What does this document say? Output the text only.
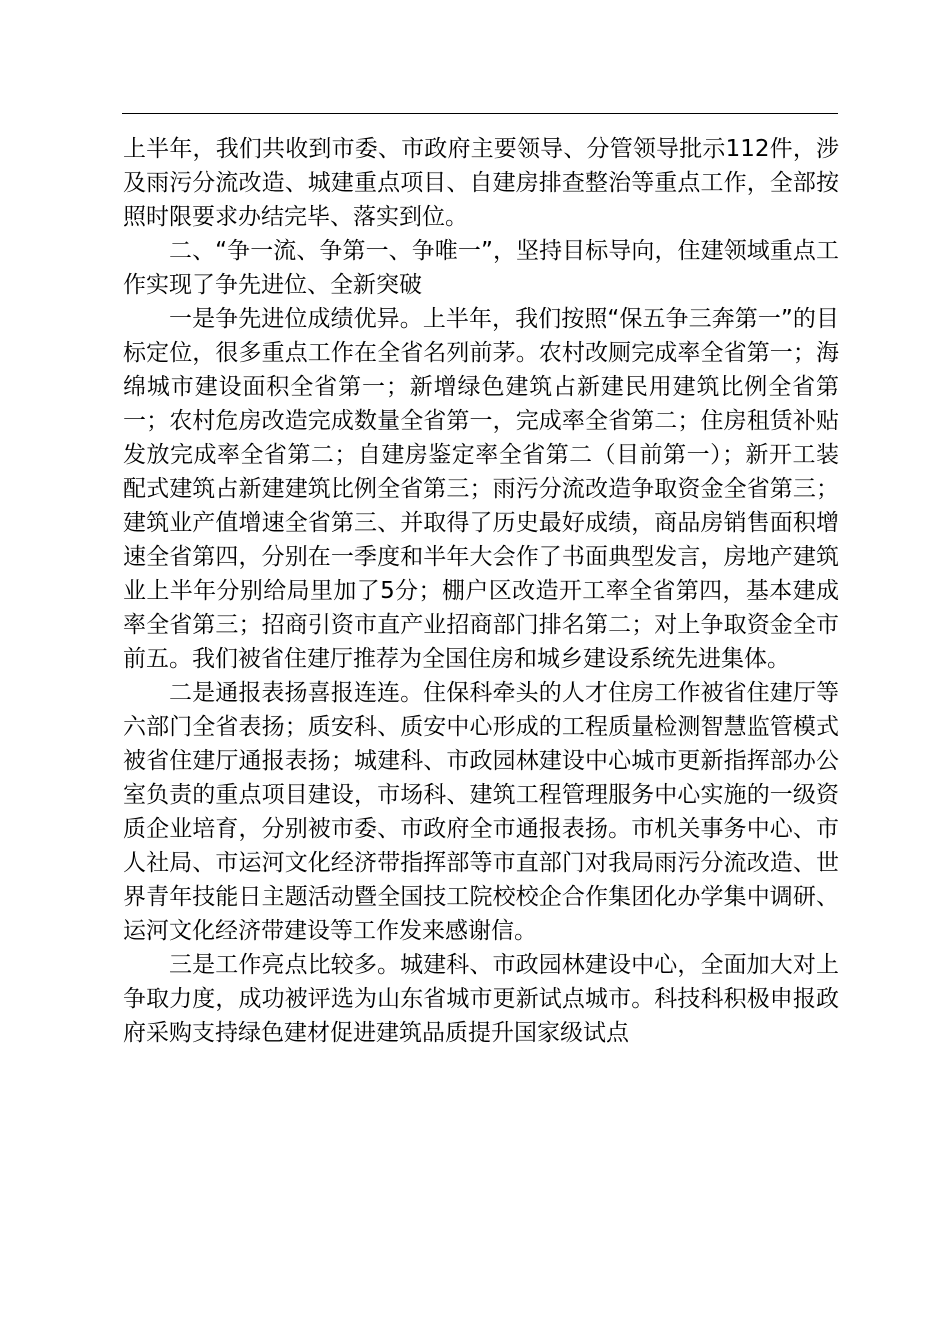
上半年，我们共收到市委、市政府主要领导、分管领导批示112件，涉及雨污分流改造、城建重点项目、自建房排查整治等重点工作，全部按照时限要求办结完毕、落实到位。

二、“争一流、争第一、争唯一”，坚持目标导向，住建领域重点工作实现了争先进位、全新突破

一是争先进位成绩优异。上半年，我们按照“保五争三奔第一”的目标定位，很多重点工作在全省名列前茅。农村改厕完成率全省第一；海绵城市建设面积全省第一；新增绿色建筑占新建民用建筑比例全省第一；农村危房改造完成数量全省第一，完成率全省第二；住房租赁补贴发放完成率全省第二；自建房鉴定率全省第二（目前第一）；新开工装配式建筑占新建建筑比例全省第三；雨污分流改造争取资金全省第三；建筑业产值增速全省第三、并取得了历史最好成绩，商品房销售面积增速全省第四，分别在一季度和半年大会作了书面典型发言，房地产建筑业上半年分别给局里加了5分；棚户区改造开工率全省第四，基本建成率全省第三；招商引资市直产业招商部门排名第二；对上争取资金全市前五。我们被省住建厅推荐为全国住房和城乡建设系统先进集体。

二是通报表扬喜报连连。住保科牵头的人才住房工作被省住建厅等六部门全省表扬；质安科、质安中心形成的工程质量检测智慧监管模式被省住建厅通报表扬；城建科、市政园林建设中心城市更新指挥部办公室负责的重点项目建设，市场科、建筑工程管理服务中心实施的一级资质企业培育，分别被市委、市政府全市通报表扬。市机关事务中心、市人社局、市运河文化经济带指挥部等市直部门对我局雨污分流改造、世界青年技能日主题活动暨全国技工院校校企合作集团化办学集中调研、运河文化经济带建设等工作发来感谢信。

三是工作亮点比较多。城建科、市政园林建设中心，全面加大对上争取力度，成功被评选为山东省城市更新试点城市。科技科积极申报政府采购支持绿色建材促进建筑品质提升国家级试点
